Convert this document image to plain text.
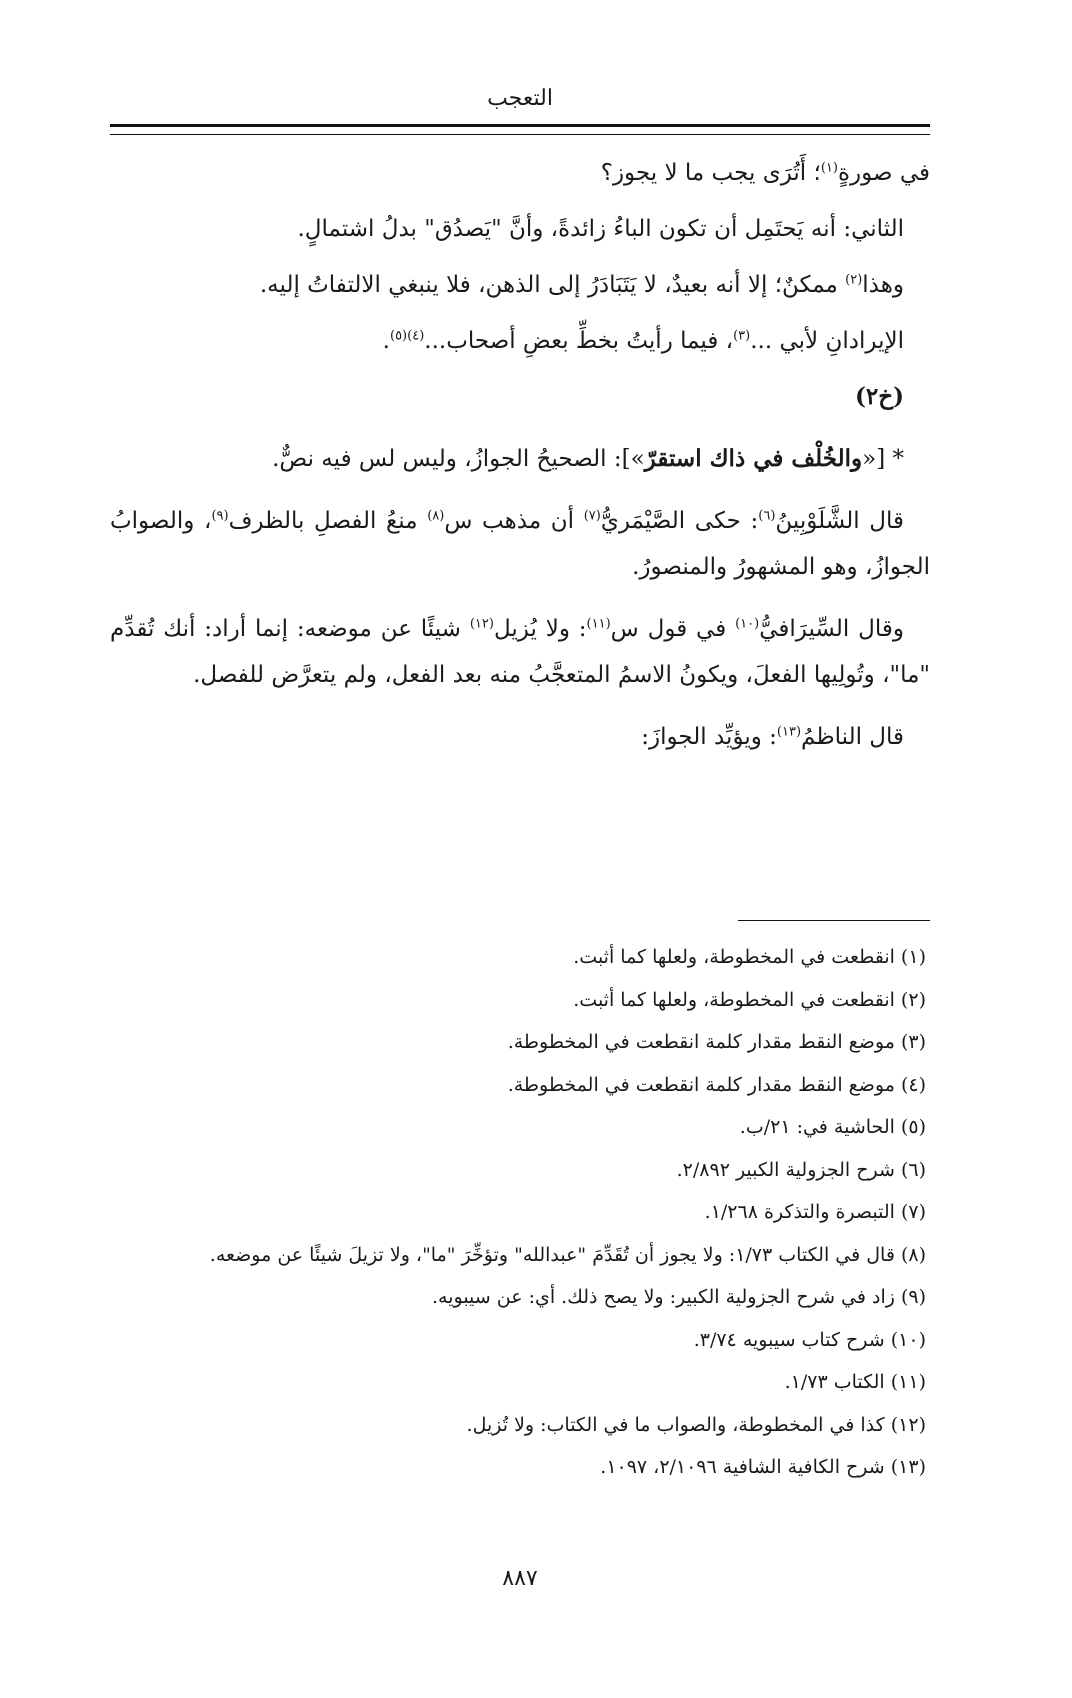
التعجب

في صورةٍ$^{(١)}$؛ أَتُرَى يجب ما لا يجوز؟

الثاني: أنه يَحتَمِل أن تكون الباءُ زائدةً، وأنَّ "يَصدُق" بدلُ اشتمالٍ.

وهذا$^{(٢)}$ ممكنٌ؛ إلا أنه بعيدٌ، لا يَتَبَادَرُ إلى الذهن، فلا ينبغي الالتفاتُ إليه.

الإيرادانِ لأبي ...$^{(٣)}$، فيما رأيتُ بخطِّ بعضِ أصحاب...$^{(٤)(٥)}$.

(خ٢)

* [«والخُلْف في ذاك استقرّ»]: الصحيحُ الجوازُ، وليس لس فيه نصٌّ.

قال الشَّلَوْبِينُ$^{(٦)}$: حكى الصَّيْمَريُّ$^{(٧)}$ أن مذهب س$^{(٨)}$ منعُ الفصلِ بالظرف$^{(٩)}$، والصوابُ الجوازُ، وهو المشهورُ والمنصورُ.

وقال السِّيرَافيُّ$^{(١٠)}$ في قول س$^{(١١)}$: ولا يُزيل$^{(١٢)}$ شيئًا عن موضعه: إنما أراد: أنك تُقدِّم "ما"، وتُولِيها الفعلَ، ويكونُ الاسمُ المتعجَّبُ منه بعد الفعل، ولم يتعرَّض للفصل.

قال الناظمُ$^{(١٣)}$: ويؤيِّد الجوازَ:

(١) انقطعت في المخطوطة، ولعلها كما أثبت.
(٢) انقطعت في المخطوطة، ولعلها كما أثبت.
(٣) موضع النقط مقدار كلمة انقطعت في المخطوطة.
(٤) موضع النقط مقدار كلمة انقطعت في المخطوطة.
(٥) الحاشية في: ٢١/ب.
(٦) شرح الجزولية الكبير ٢/٨٩٢.
(٧) التبصرة والتذكرة ١/٢٦٨.
(٨) قال في الكتاب ١/٧٣: ولا يجوز أن تُقَدِّمَ "عبدالله" وتؤخِّرَ "ما"، ولا تزيلَ شيئًا عن موضعه.
(٩) زاد في شرح الجزولية الكبير: ولا يصح ذلك. أي: عن سيبويه.
(١٠) شرح كتاب سيبويه ٣/٧٤.
(١١) الكتاب ١/٧٣.
(١٢) كذا في المخطوطة، والصواب ما في الكتاب: ولا تُزيل.
(١٣) شرح الكافية الشافية ٢/١٠٩٦، ١٠٩٧.
٨٨٧
